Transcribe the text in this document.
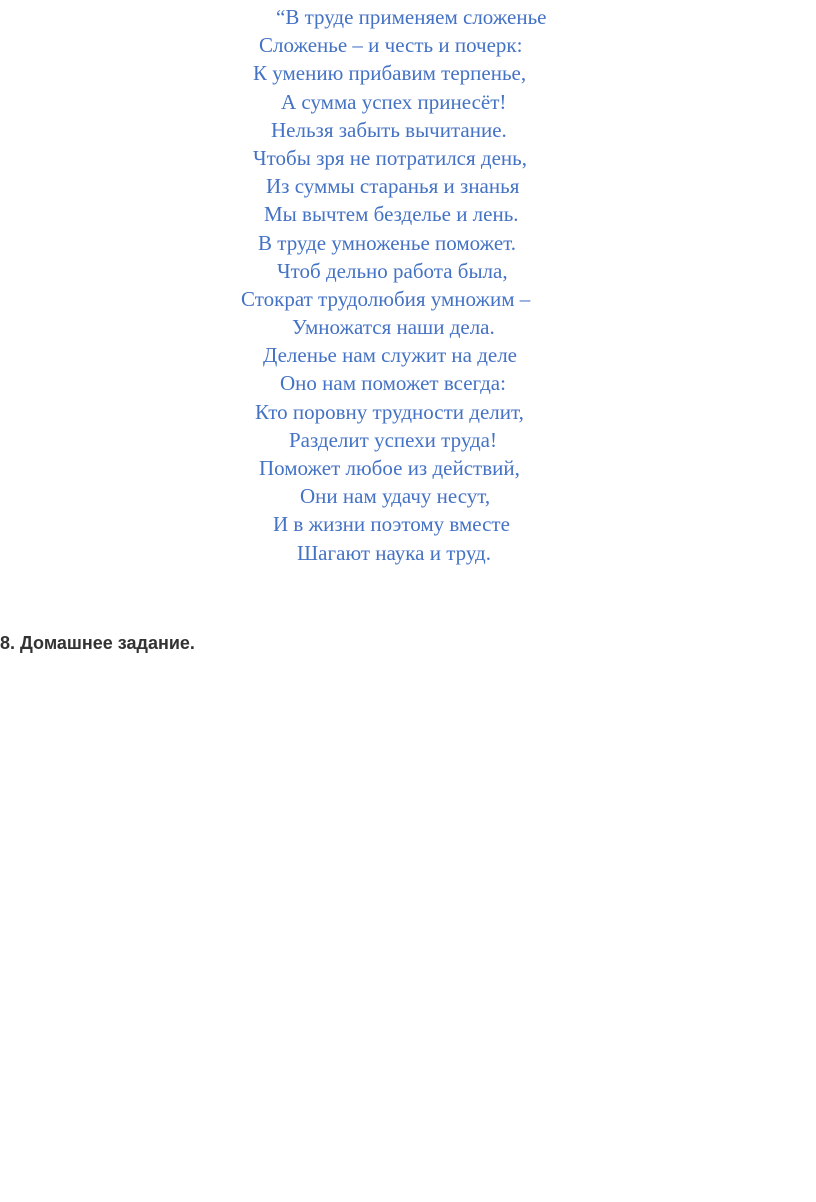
“В труде применяем сложенье
Сложенье – и честь и почерк:
К умению прибавим терпенье,
А сумма успех принесёт!
Нельзя забыть вычитание.
Чтобы зря не потратился день,
Из суммы старанья и знанья
Мы вычтем безделье и лень.
В труде умноженье поможет.
Чтоб дельно работа была,
Стократ трудолюбия умножим –
Умножатся наши дела.
Деленье нам служит на деле
Оно нам поможет всегда:
Кто поровну трудности делит,
Разделит успехи труда!
Поможет любое из действий,
Они нам удачу несут,
И в жизни поэтому вместе
Шагают наука и труд.
8. Домашнее задание.
